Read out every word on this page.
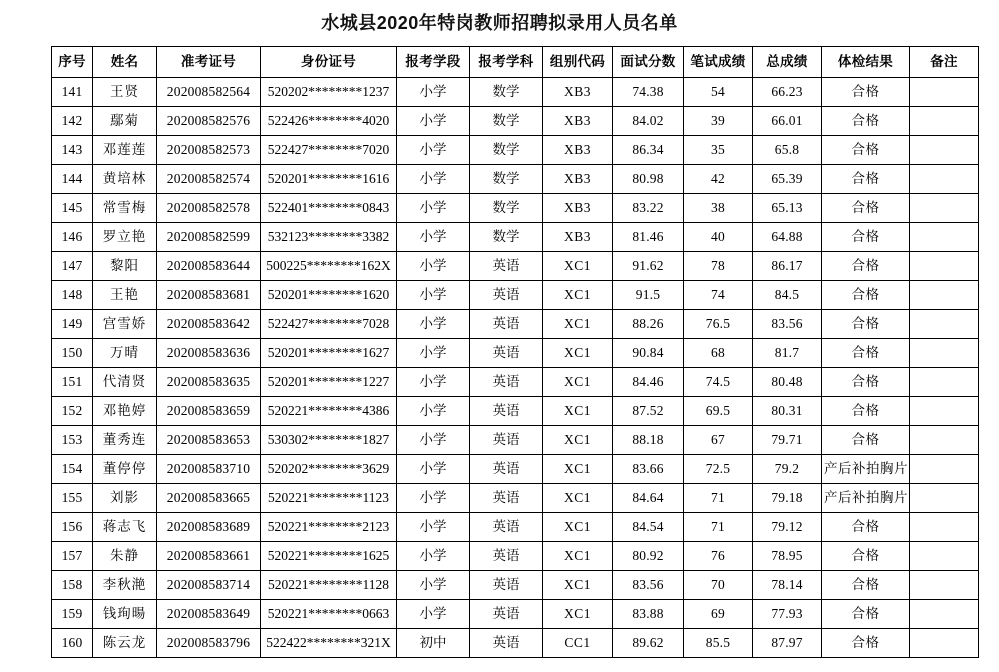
水城县2020年特岗教师招聘拟录用人员名单
序号	姓名	准考证号	身份证号	报考学段	报考学科	组别代码	面试分数	笔试成绩	总成绩	体检结果	备注
141	王贤	202008582564	520202********1237	小学	数学	XB3	74.38	54	66.23	合格	
142	鄢菊	202008582576	522426********4020	小学	数学	XB3	84.02	39	66.01	合格	
143	邓莲莲	202008582573	522427********7020	小学	数学	XB3	86.34	35	65.8	合格	
144	黄培林	202008582574	520201********1616	小学	数学	XB3	80.98	42	65.39	合格	
145	常雪梅	202008582578	522401********0843	小学	数学	XB3	83.22	38	65.13	合格	
146	罗立艳	202008582599	532123********3382	小学	数学	XB3	81.46	40	64.88	合格	
147	黎阳	202008583644	500225********162X	小学	英语	XC1	91.62	78	86.17	合格	
148	王艳	202008583681	520201********1620	小学	英语	XC1	91.5	74	84.5	合格	
149	宫雪娇	202008583642	522427********7028	小学	英语	XC1	88.26	76.5	83.56	合格	
150	万晴	202008583636	520201********1627	小学	英语	XC1	90.84	68	81.7	合格	
151	代清贤	202008583635	520201********1227	小学	英语	XC1	84.46	74.5	80.48	合格	
152	邓艳婷	202008583659	520221********4386	小学	英语	XC1	87.52	69.5	80.31	合格	
153	董秀连	202008583653	530302********1827	小学	英语	XC1	88.18	67	79.71	合格	
154	董停停	202008583710	520202********3629	小学	英语	XC1	83.66	72.5	79.2	产后补拍胸片	
155	刘影	202008583665	520221********1123	小学	英语	XC1	84.64	71	79.18	产后补拍胸片	
156	蒋志飞	202008583689	520221********2123	小学	英语	XC1	84.54	71	79.12	合格	
157	朱静	202008583661	520221********1625	小学	英语	XC1	80.92	76	78.95	合格	
158	李秋滟	202008583714	520221********1128	小学	英语	XC1	83.56	70	78.14	合格	
159	钱珣暘	202008583649	520221********0663	小学	英语	XC1	83.88	69	77.93	合格	
160	陈云龙	202008583796	522422********321X	初中	英语	CC1	89.62	85.5	87.97	合格	
